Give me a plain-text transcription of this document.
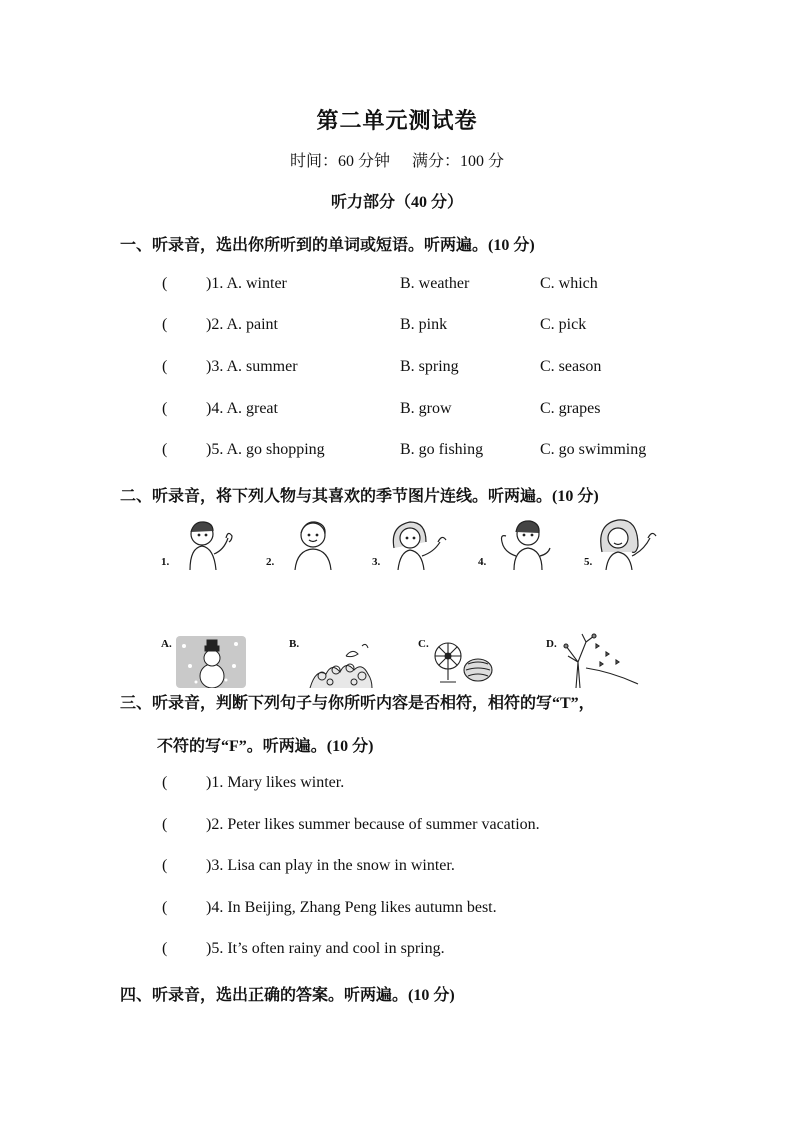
第二单元测试卷
时间：60 分钟 满分：100 分
听力部分（40 分）
一、听录音，选出你所听到的单词或短语。听两遍。(10 分)
( )1. A. winter	B. weather	C. which
( )2. A. paint	B. pink	C. pick
( )3. A. summer	B. spring	C. season
( )4. A. great	B. grow	C. grapes
( )5. A. go shopping	B. go fishing	C. go swimming
二、听录音，将下列人物与其喜欢的季节图片连线。听两遍。(10 分)
1.	2.	3.	4.	5.
A.	B.	C.	D.
三、听录音，判断下列句子与你所听内容是否相符，相符的写“T”，
不符的写“F”。听两遍。(10 分)
( )1. Mary likes winter.
( )2. Peter likes summer because of summer vacation.
( )3. Lisa can play in the snow in winter.
( )4. In Beijing, Zhang Peng likes autumn best.
( )5. It’s often rainy and cool in spring.
四、听录音，选出正确的答案。听两遍。(10 分)
